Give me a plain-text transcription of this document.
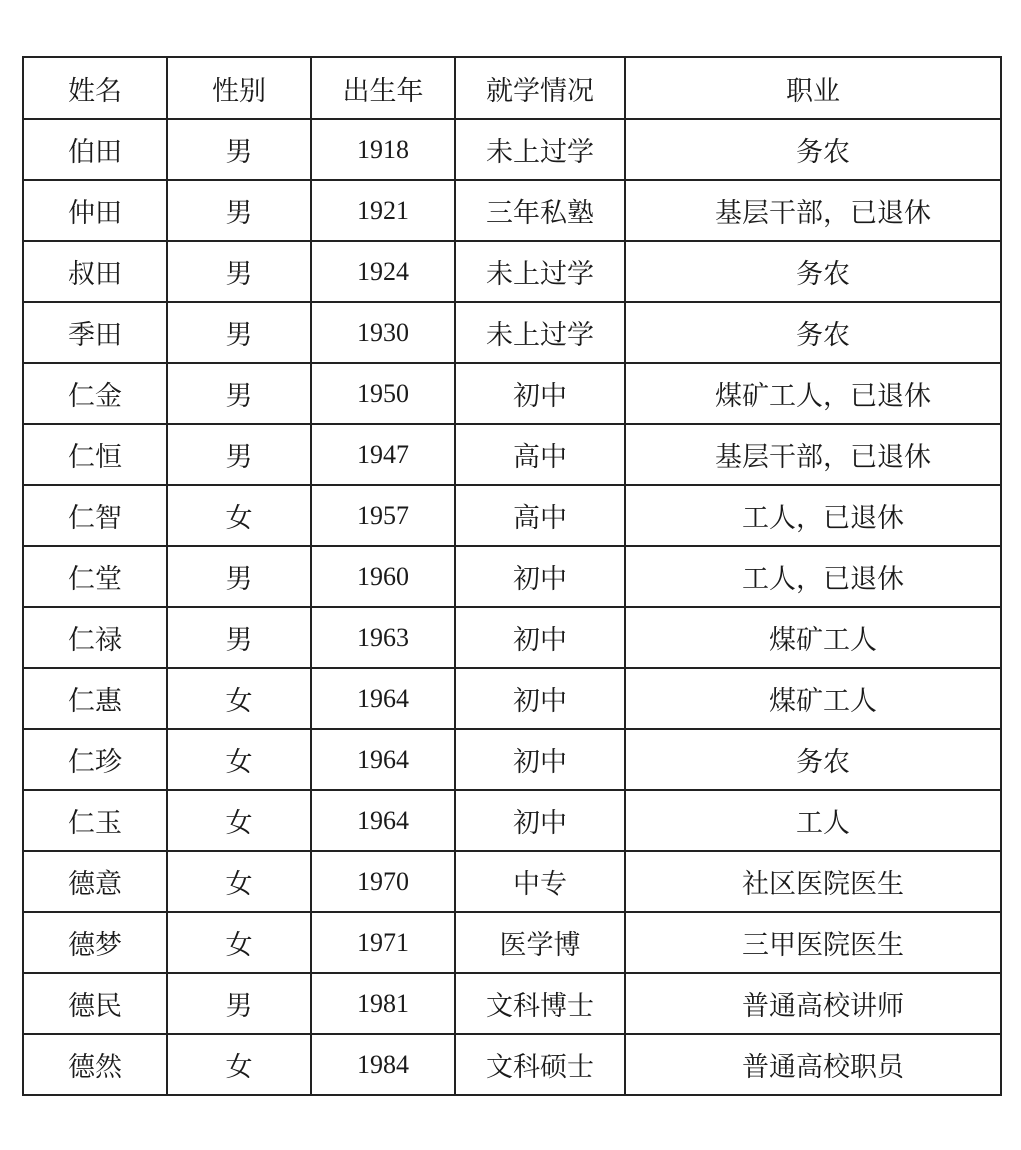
姓名	性别	出生年	就学情况	职业
伯田	男	1918	未上过学	务农
仲田	男	1921	三年私塾	基层干部，已退休
叔田	男	1924	未上过学	务农
季田	男	1930	未上过学	务农
仁金	男	1950	初中	煤矿工人，已退休
仁恒	男	1947	高中	基层干部，已退休
仁智	女	1957	高中	工人，已退休
仁堂	男	1960	初中	工人，已退休
仁禄	男	1963	初中	煤矿工人
仁惠	女	1964	初中	煤矿工人
仁珍	女	1964	初中	务农
仁玉	女	1964	初中	工人
德意	女	1970	中专	社区医院医生
德梦	女	1971	医学博	三甲医院医生
德民	男	1981	文科博士	普通高校讲师
德然	女	1984	文科硕士	普通高校职员
